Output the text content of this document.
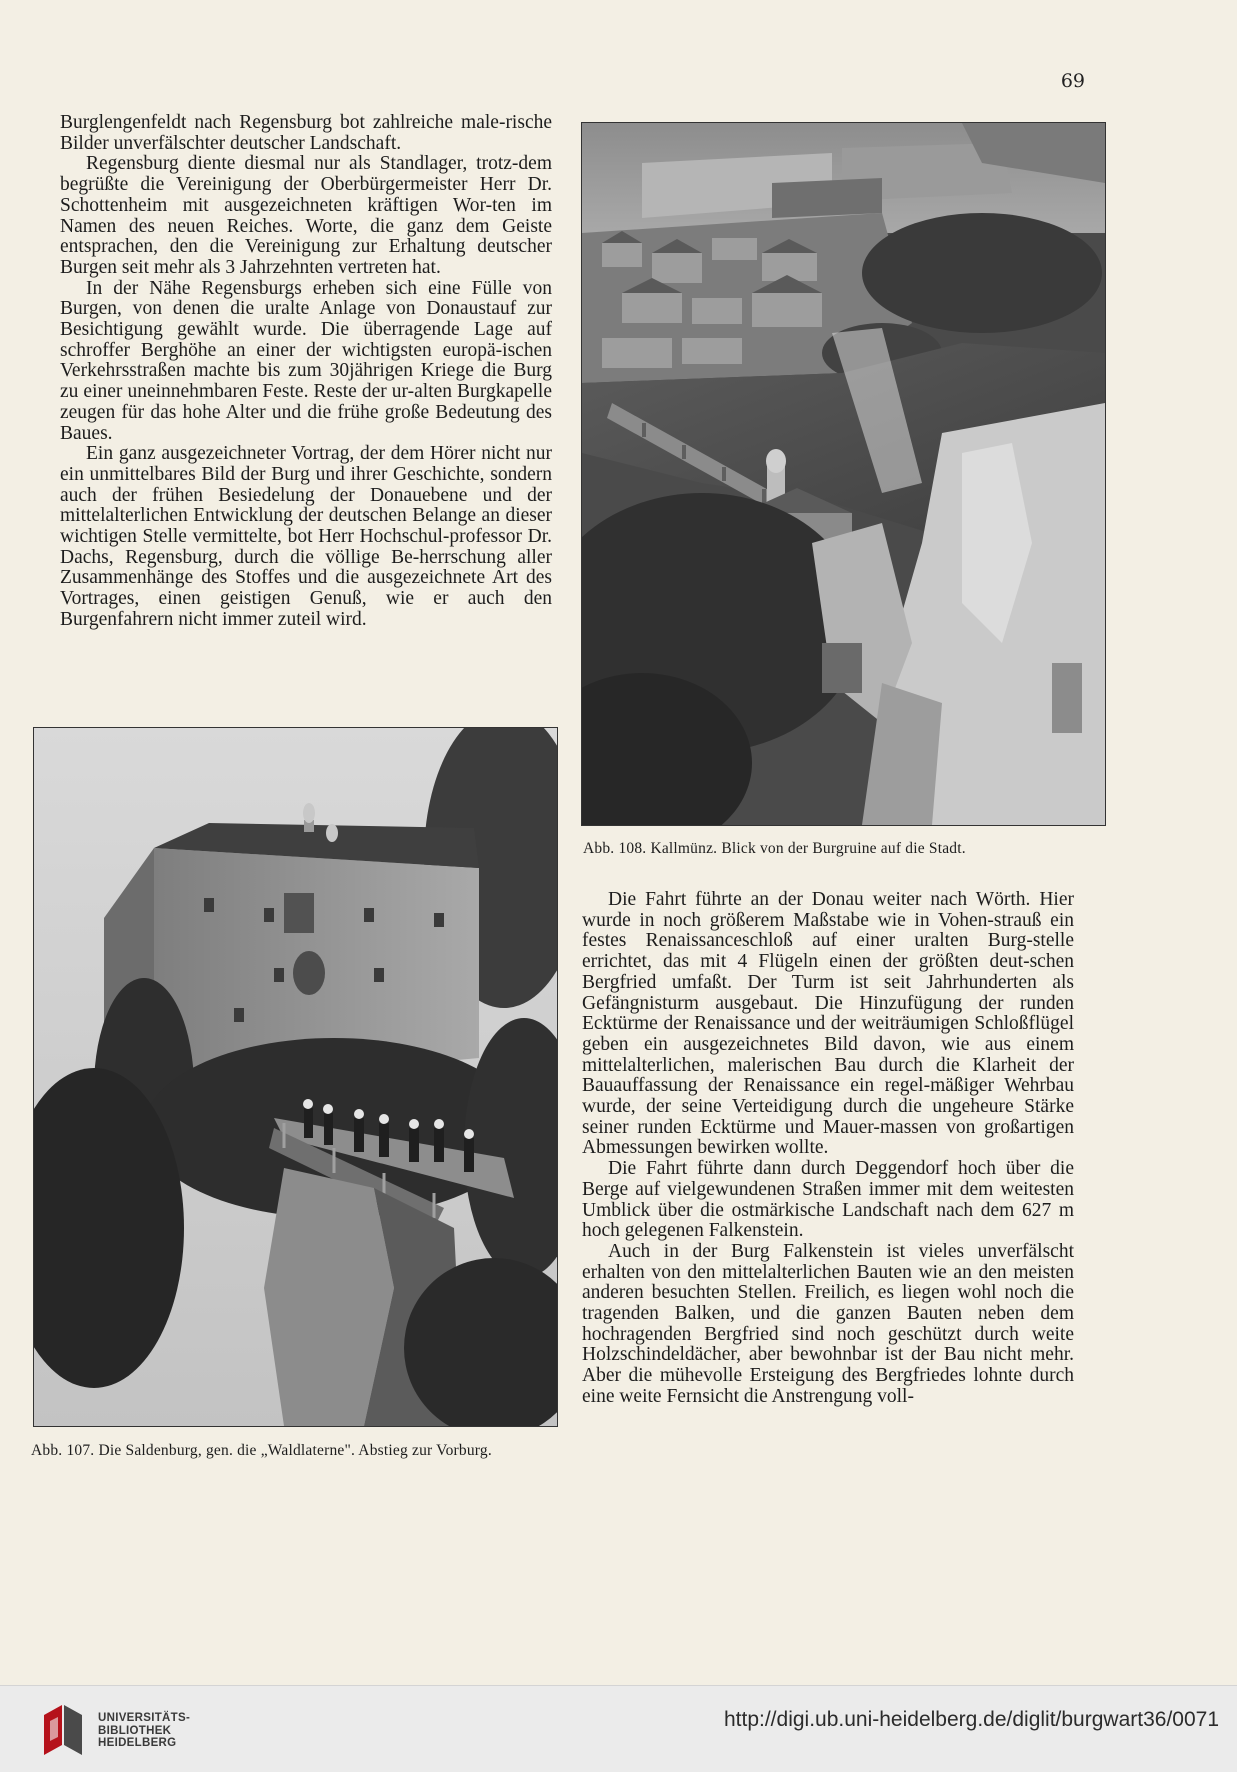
69

Burglengenfeldt nach Regensburg bot zahlreiche male-rische Bilder unverfälschter deutscher Landschaft.

Regensburg diente diesmal nur als Standlager, trotz-dem begrüßte die Vereinigung der Oberbürgermeister Herr Dr. Schottenheim mit ausgezeichneten kräftigen Wor-ten im Namen des neuen Reiches. Worte, die ganz dem Geiste entsprachen, den die Vereinigung zur Erhaltung deutscher Burgen seit mehr als 3 Jahrzehnten vertreten hat.

In der Nähe Regensburgs erheben sich eine Fülle von Burgen, von denen die uralte Anlage von Donaustauf zur Besichtigung gewählt wurde. Die überragende Lage auf schroffer Berghöhe an einer der wichtigsten europä-ischen Verkehrsstraßen machte bis zum 30jährigen Kriege die Burg zu einer uneinnehmbaren Feste. Reste der ur-alten Burgkapelle zeugen für das hohe Alter und die frühe große Bedeutung des Baues.

Ein ganz ausgezeichneter Vortrag, der dem Hörer nicht nur ein unmittelbares Bild der Burg und ihrer Geschichte, sondern auch der frühen Besiedelung der Donauebene und der mittelalterlichen Entwicklung der deutschen Belange an dieser wichtigen Stelle vermittelte, bot Herr Hochschul-professor Dr. Dachs, Regensburg, durch die völlige Be-herrschung aller Zusammenhänge des Stoffes und die ausgezeichnete Art des Vortrages, einen geistigen Genuß, wie er auch den Burgenfahrern nicht immer zuteil wird.

Abb. 108. Kallmünz. Blick von der Burgruine auf die Stadt.
Abb. 107. Die Saldenburg, gen. die „Waldlaterne". Abstieg zur Vorburg.

Die Fahrt führte an der Donau weiter nach Wörth. Hier wurde in noch größerem Maßstabe wie in Vohen-strauß ein festes Renaissanceschloß auf einer uralten Burg-stelle errichtet, das mit 4 Flügeln einen der größten deut-schen Bergfried umfaßt. Der Turm ist seit Jahrhunderten als Gefängnisturm ausgebaut. Die Hinzufügung der runden Ecktürme der Renaissance und der weiträumigen Schloßflügel geben ein ausgezeichnetes Bild davon, wie aus einem mittelalterlichen, malerischen Bau durch die Klarheit der Bauauffassung der Renaissance ein regel-mäßiger Wehrbau wurde, der seine Verteidigung durch die ungeheure Stärke seiner runden Ecktürme und Mauer-massen von großartigen Abmessungen bewirken wollte.

Die Fahrt führte dann durch Deggendorf hoch über die Berge auf vielgewundenen Straßen immer mit dem weitesten Umblick über die ostmärkische Landschaft nach dem 627 m hoch gelegenen Falkenstein.

Auch in der Burg Falkenstein ist vieles unverfälscht erhalten von den mittelalterlichen Bauten wie an den meisten anderen besuchten Stellen. Freilich, es liegen wohl noch die tragenden Balken, und die ganzen Bauten neben dem hochragenden Bergfried sind noch geschützt durch weite Holzschindeldächer, aber bewohnbar ist der Bau nicht mehr. Aber die mühevolle Ersteigung des Bergfriedes lohnte durch eine weite Fernsicht die Anstrengung voll-

UNIVERSITÄTS-
BIBLIOTHEK
HEIDELBERG
http://digi.ub.uni-heidelberg.de/diglit/burgwart36/0071
